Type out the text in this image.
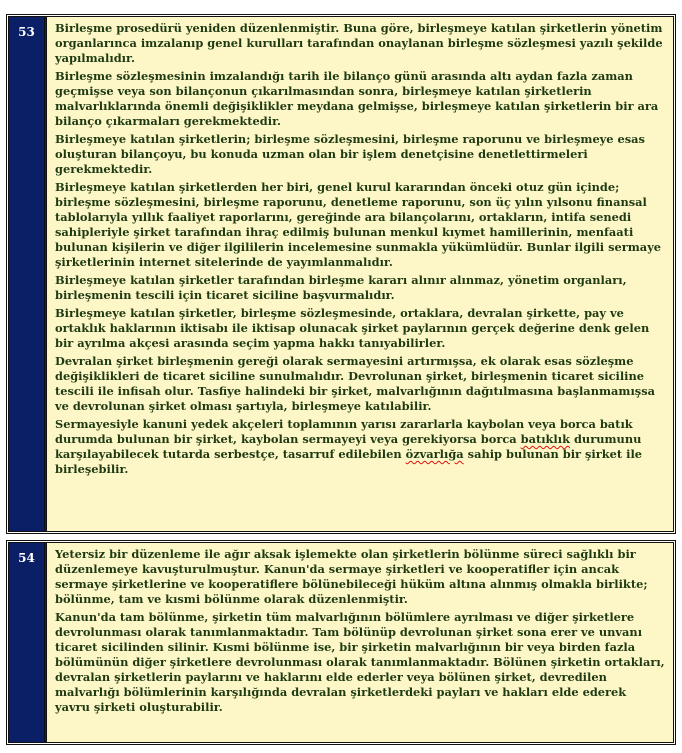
53	Birleşme prosedürü yeniden düzenlenmiştir. Buna göre, birleşmeye katılan şirketlerin yönetim organlarınca imzalanıp genel kurulları tarafından onaylanan birleşme sözleşmesi yazılı şekilde yapılmalıdır.

Birleşme sözleşmesinin imzalandığı tarih ile bilanço günü arasında altı aydan fazla zaman geçmişse veya son bilançonun çıkarılmasından sonra, birleşmeye katılan şirketlerin malvarlıklarında önemli değişiklikler meydana gelmişse, birleşmeye katılan şirketlerin bir ara bilanço çıkarmaları gerekmektedir.

Birleşmeye katılan şirketlerin; birleşme sözleşmesini, birleşme raporunu ve birleşmeye esas oluşturan bilançoyu, bu konuda uzman olan bir işlem denetçisine denetlettirmeleri gerekmektedir.

Birleşmeye katılan şirketlerden her biri, genel kurul kararından önceki otuz gün içinde; birleşme sözleşmesini, birleşme raporunu, denetleme raporunu, son üç yılın yılsonu finansal tablolarıyla yıllık faaliyet raporlarını, gereğinde ara bilançolarını, ortakların, intifa senedi sahipleriyle şirket tarafından ihraç edilmiş bulunan menkul kıymet hamillerinin, menfaati bulunan kişilerin ve diğer ilgililerin incelemesine sunmakla yükümlüdür. Bunlar ilgili sermaye şirketlerinin internet sitelerinde de yayımlanmalıdır.

Birleşmeye katılan şirketler tarafından birleşme kararı alınır alınmaz, yönetim organları, birleşmenin tescili için ticaret siciline başvurmalıdır.

Birleşmeye katılan şirketler, birleşme sözleşmesinde, ortaklara, devralan şirkette, pay ve ortaklık haklarının iktisabı ile iktisap olunacak şirket paylarının gerçek değerine denk gelen bir ayrılma akçesi arasında seçim yapma hakkı tanıyabilirler.

Devralan şirket birleşmenin gereği olarak sermayesini artırmışsa, ek olarak esas sözleşme değişiklikleri de ticaret siciline sunulmalıdır. Devrolunan şirket, birleşmenin ticaret siciline tescili ile infisah olur. Tasfiye halindeki bir şirket, malvarlığının dağıtılmasına başlanmamışsa ve devrolunan şirket olması şartıyla, birleşmeye katılabilir.

Sermayesiyle kanuni yedek akçeleri toplamının yarısı zararlarla kaybolan veya borca batık durumda bulunan bir şirket, kaybolan sermayeyi veya gerekiyorsa borca batıklık durumunu karşılayabilecek tutarda serbestçe, tasarruf edilebilen özvarlığa sahip bulunan bir şirket ile birleşebilir.

54	Yetersiz bir düzenleme ile ağır aksak işlemekte olan şirketlerin bölünme süreci sağlıklı bir düzenlemeye kavuşturulmuştur. Kanun'da sermaye şirketleri ve kooperatifler için ancak sermaye şirketlerine ve kooperatiflere bölünebileceği hüküm altına alınmış olmakla birlikte; bölünme, tam ve kısmi bölünme olarak düzenlenmiştir.

Kanun'da tam bölünme, şirketin tüm malvarlığının bölümlere ayrılması ve diğer şirketlere devrolunması olarak tanımlanmaktadır. Tam bölünüp devrolunan şirket sona erer ve unvanı ticaret sicilinden silinir. Kısmi bölünme ise, bir şirketin malvarlığının bir veya birden fazla bölümünün diğer şirketlere devrolunması olarak tanımlanmaktadır. Bölünen şirketin ortakları, devralan şirketlerin paylarını ve haklarını elde ederler veya bölünen şirket, devredilen malvarlığı bölümlerinin karşılığında devralan şirketlerdeki payları ve hakları elde ederek yavru şirketi oluşturabilir.
